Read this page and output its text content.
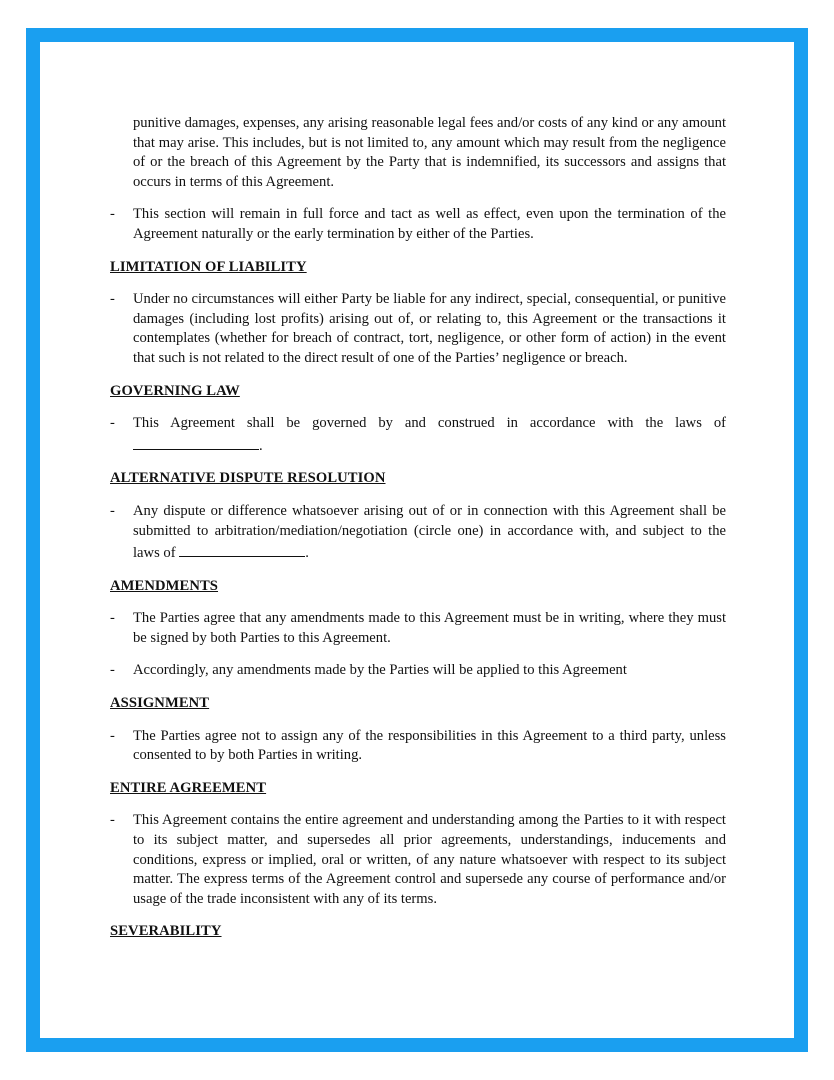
punitive damages, expenses, any arising reasonable legal fees and/or costs of any kind or any amount that may arise. This includes, but is not limited to, any amount which may result from the negligence of or the breach of this Agreement by the Party that is indemnified, its successors and assigns that occurs in terms of this Agreement.

- This section will remain in full force and tact as well as effect, even upon the termination of the Agreement naturally or the early termination by either of the Parties.

LIMITATION OF LIABILITY

- Under no circumstances will either Party be liable for any indirect, special, consequential, or punitive damages (including lost profits) arising out of, or relating to, this Agreement or the transactions it contemplates (whether for breach of contract, tort, negligence, or other form of action) in the event that such is not related to the direct result of one of the Parties’ negligence or breach.

GOVERNING LAW

- This Agreement shall be governed by and construed in accordance with the laws of .

ALTERNATIVE DISPUTE RESOLUTION

- Any dispute or difference whatsoever arising out of or in connection with this Agreement shall be submitted to arbitration/mediation/negotiation (circle one) in accordance with, and subject to the laws of	.

AMENDMENTS

- The Parties agree that any amendments made to this Agreement must be in writing, where they must be signed by both Parties to this Agreement.

- Accordingly, any amendments made by the Parties will be applied to this Agreement

ASSIGNMENT

- The Parties agree not to assign any of the responsibilities in this Agreement to a third party, unless consented to by both Parties in writing.

ENTIRE AGREEMENT

- This Agreement contains the entire agreement and understanding among the Parties to it with respect to its subject matter, and supersedes all prior agreements, understandings, inducements and conditions, express or implied, oral or written, of any nature whatsoever with respect to its subject matter. The express terms of the Agreement control and supersede any course of performance and/or usage of the trade inconsistent with any of its terms.

SEVERABILITY
